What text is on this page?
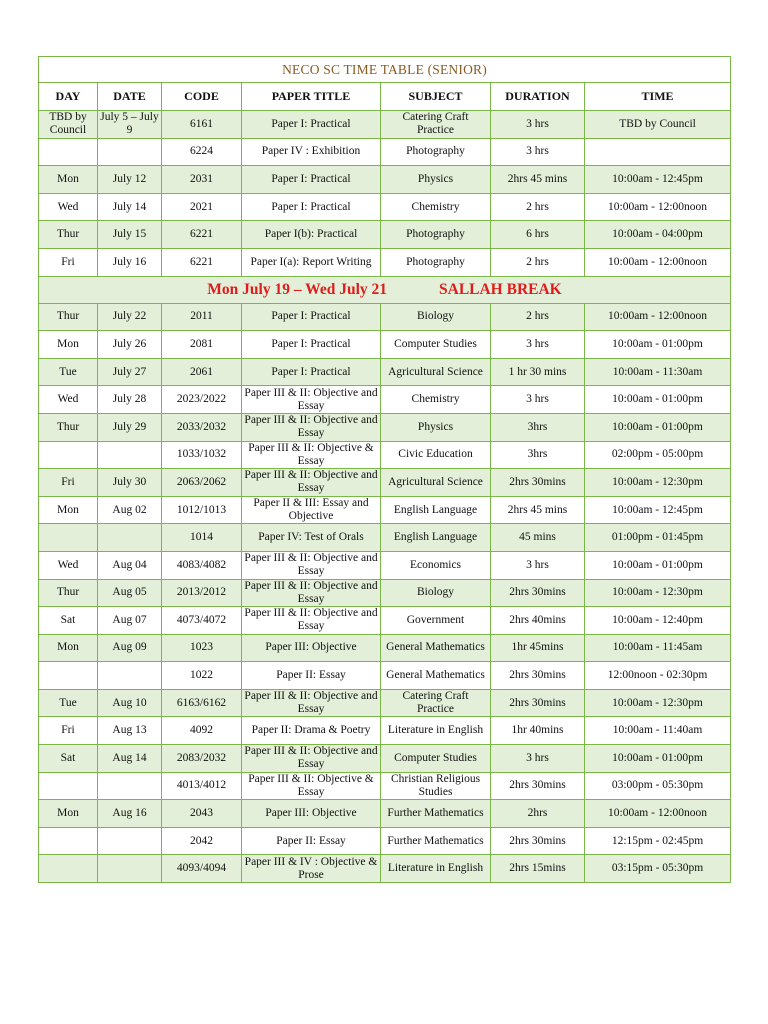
NECO SC TIME TABLE (SENIOR)						
DAY	DATE	CODE	PAPER TITLE	SUBJECT	DURATION	TIME
TBD by Council	July 5 – July 9	6161	Paper I: Practical	Catering Craft Practice	3 hrs	TBD by Council
		6224	Paper IV : Exhibition	Photography	3 hrs	
Mon	July 12	2031	Paper I: Practical	Physics	2hrs 45 mins	10:00am - 12:45pm
Wed	July 14	2021	Paper I: Practical	Chemistry	2 hrs	10:00am - 12:00noon
Thur	July 15	6221	Paper I(b): Practical	Photography	6 hrs	10:00am - 04:00pm
Fri	July 16	6221	Paper I(a): Report Writing	Photography	2 hrs	10:00am - 12:00noon

Mon July 19 – Wed July 21 SALLAH BREAK						

Thur	July 22	2011	Paper I: Practical	Biology	2 hrs	10:00am - 12:00noon
Mon	July 26	2081	Paper I: Practical	Computer Studies	3 hrs	10:00am - 01:00pm
Tue	July 27	2061	Paper I: Practical	Agricultural Science	1 hr 30 mins	10:00am - 11:30am
Wed	July 28	2023/2022	Paper III & II: Objective and Essay	Chemistry	3 hrs	10:00am - 01:00pm
Thur	July 29	2033/2032	Paper III & II: Objective and Essay	Physics	3hrs	10:00am - 01:00pm
		1033/1032	Paper III & II: Objective & Essay	Civic Education	3hrs	02:00pm - 05:00pm
Fri	July 30	2063/2062	Paper III & II: Objective and Essay	Agricultural Science	2hrs 30mins	10:00am - 12:30pm
Mon	Aug 02	1012/1013	Paper II & III: Essay and Objective	English Language	2hrs 45 mins	10:00am - 12:45pm
		1014	Paper IV: Test of Orals	English Language	45 mins	01:00pm - 01:45pm
Wed	Aug 04	4083/4082	Paper III & II: Objective and Essay	Economics	3 hrs	10:00am - 01:00pm
Thur	Aug 05	2013/2012	Paper III & II: Objective and Essay	Biology	2hrs 30mins	10:00am - 12:30pm
Sat	Aug 07	4073/4072	Paper III & II: Objective and Essay	Government	2hrs 40mins	10:00am - 12:40pm
Mon	Aug 09	1023	Paper III: Objective	General Mathematics	1hr 45mins	10:00am - 11:45am
		1022	Paper II: Essay	General Mathematics	2hrs 30mins	12:00noon - 02:30pm
Tue	Aug 10	6163/6162	Paper III & II: Objective and Essay	Catering Craft Practice	2hrs 30mins	10:00am - 12:30pm
Fri	Aug 13	4092	Paper II: Drama & Poetry	Literature in English	1hr 40mins	10:00am - 11:40am
Sat	Aug 14	2083/2032	Paper III & II: Objective and Essay	Computer Studies	3 hrs	10:00am - 01:00pm
		4013/4012	Paper III & II: Objective & Essay	Christian Religious Studies	2hrs 30mins	03:00pm - 05:30pm
Mon	Aug 16	2043	Paper III: Objective	Further Mathematics	2hrs	10:00am - 12:00noon
		2042	Paper II: Essay	Further Mathematics	2hrs 30mins	12:15pm - 02:45pm
		4093/4094	Paper III & IV : Objective & Prose	Literature in English	2hrs 15mins	03:15pm - 05:30pm
